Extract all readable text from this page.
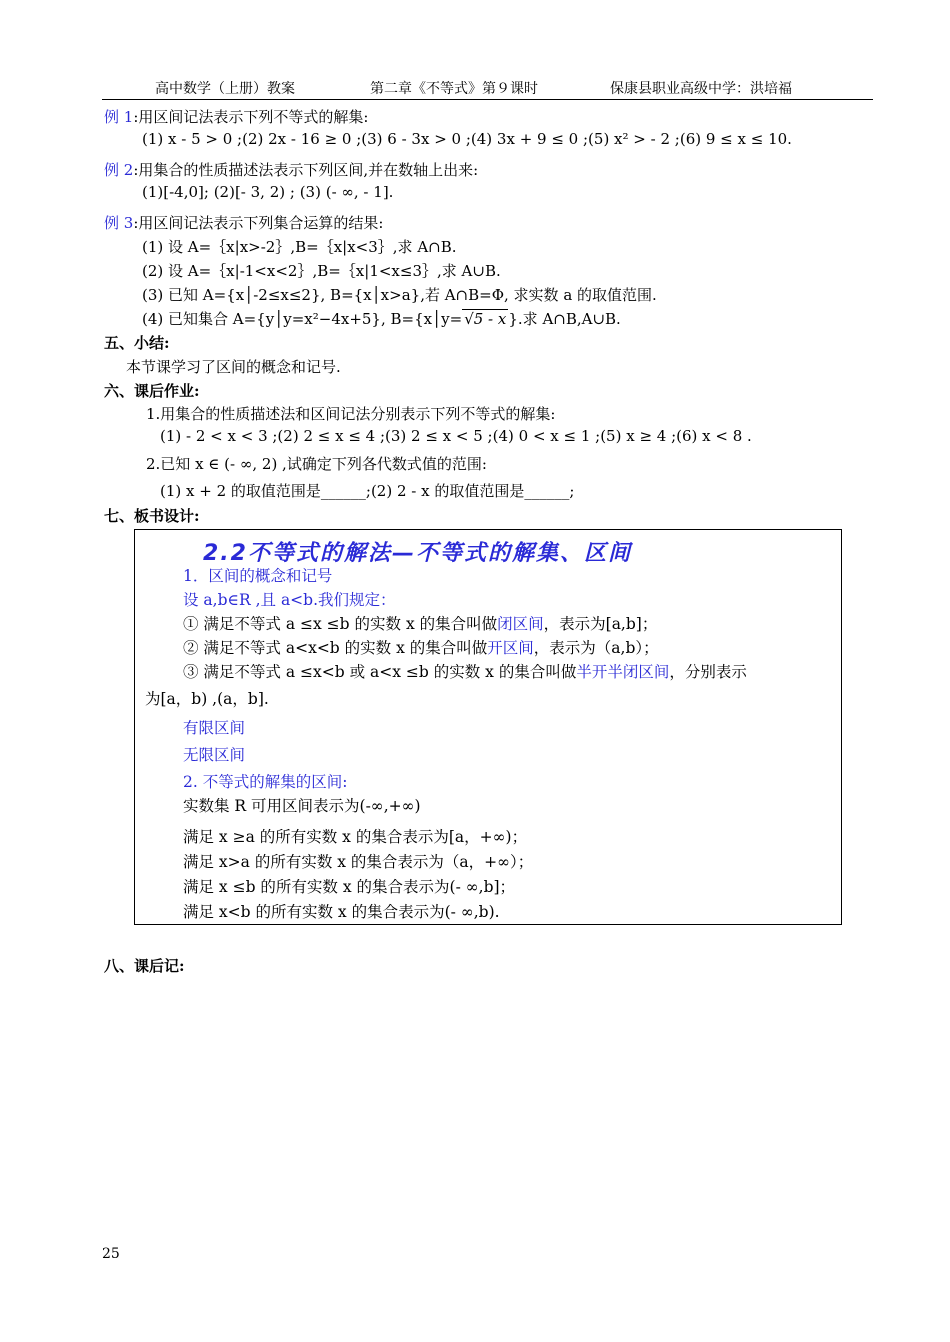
高中数学（上册）教案	第二章《不等式》第９课时	保康县职业高级中学：洪培福
例 1:用区间记法表示下列不等式的解集:
(1) x - 5 > 0 ;(2) 2x - 16 ≥ 0 ;(3) 6 - 3x > 0 ;(4) 3x + 9 ≤ 0 ;(5) x² > - 2 ;(6) 9 ≤ x ≤ 10.
例 2:用集合的性质描述法表示下列区间,并在数轴上出来:
(1)[-4,0]; (2)[- 3, 2) ; (3) (- ∞, - 1].
例 3:用区间记法表示下列集合运算的结果:
(1) 设 A=｛x|x>-2｝,B=｛x|x<3｝,求 A∩B.
(2) 设 A=｛x|-1<x<2｝,B=｛x|1<x≤3｝,求 A∪B.
(3) 已知 A={x│-2≤x≤2}, B={x│x>a},若 A∩B=Φ, 求实数 a 的取值范围.
(4) 已知集合 A={y│y=x²−4x+5}, B={x│y= √5 - x }.求 A∩B,A∪B.
五、小结:
本节课学习了区间的概念和记号.
六、课后作业:
1.用集合的性质描述法和区间记法分别表示下列不等式的解集:
(1) - 2 < x < 3 ;(2) 2 ≤ x ≤ 4 ;(3) 2 ≤ x < 5 ;(4) 0 < x ≤ 1 ;(5) x ≥ 4 ;(6) x < 8 .
2.已知 x ∈ (- ∞, 2) ,试确定下列各代数式值的范围:
(1) x + 2 的取值范围是______;(2) 2 - x 的取值范围是______;
七、板书设计:
2.2不等式的解法—不等式的解集、区间
1．区间的概念和记号
设 a,b∈R ,且 a<b.我们规定：
① 满足不等式 a ≤x ≤b 的实数 x 的集合叫做闭区间，表示为[a,b]；
② 满足不等式 a<x<b 的实数 x 的集合叫做开区间，表示为（a,b）；
③ 满足不等式 a ≤x<b 或 a<x ≤b 的实数 x 的集合叫做半开半闭区间，分别表示
为[a，b) ,(a，b].
有限区间
无限区间
2. 不等式的解集的区间:
实数集 R 可用区间表示为(-∞,+∞)
满足 x ≥a 的所有实数 x 的集合表示为[a，+∞)；
满足 x>a 的所有实数 x 的集合表示为（a，+∞）；
满足 x ≤b 的所有实数 x 的集合表示为(- ∞,b]；
满足 x<b 的所有实数 x 的集合表示为(- ∞,b).
八、课后记:
25
